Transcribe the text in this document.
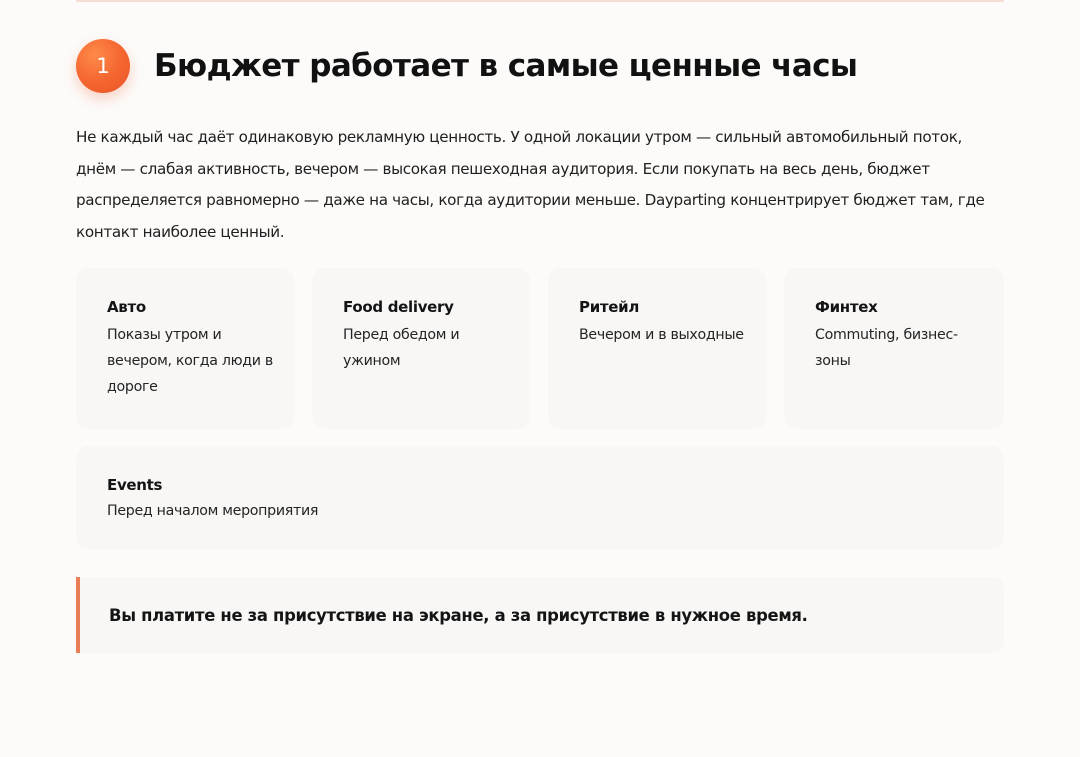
1	Бюджет работает в самые ценные часы

Не каждый час даёт одинаковую рекламную ценность. У одной локации утром — сильный автомобильный поток, днём — слабая активность, вечером — высокая пешеходная аудитория. Если покупать на весь день, бюджет распределяется равномерно — даже на часы, когда аудитории меньше. Dayparting концентрирует бюджет там, где контакт наиболее ценный.

Авто

Показы утром и вечером, когда люди в дороге

Food delivery

Перед обедом и ужином

Ритейл

Вечером и в выходные

Финтех

Commuting, бизнес-зоны

Events

Перед началом мероприятия

Вы платите не за присутствие на экране, а за присутствие в нужное время.
